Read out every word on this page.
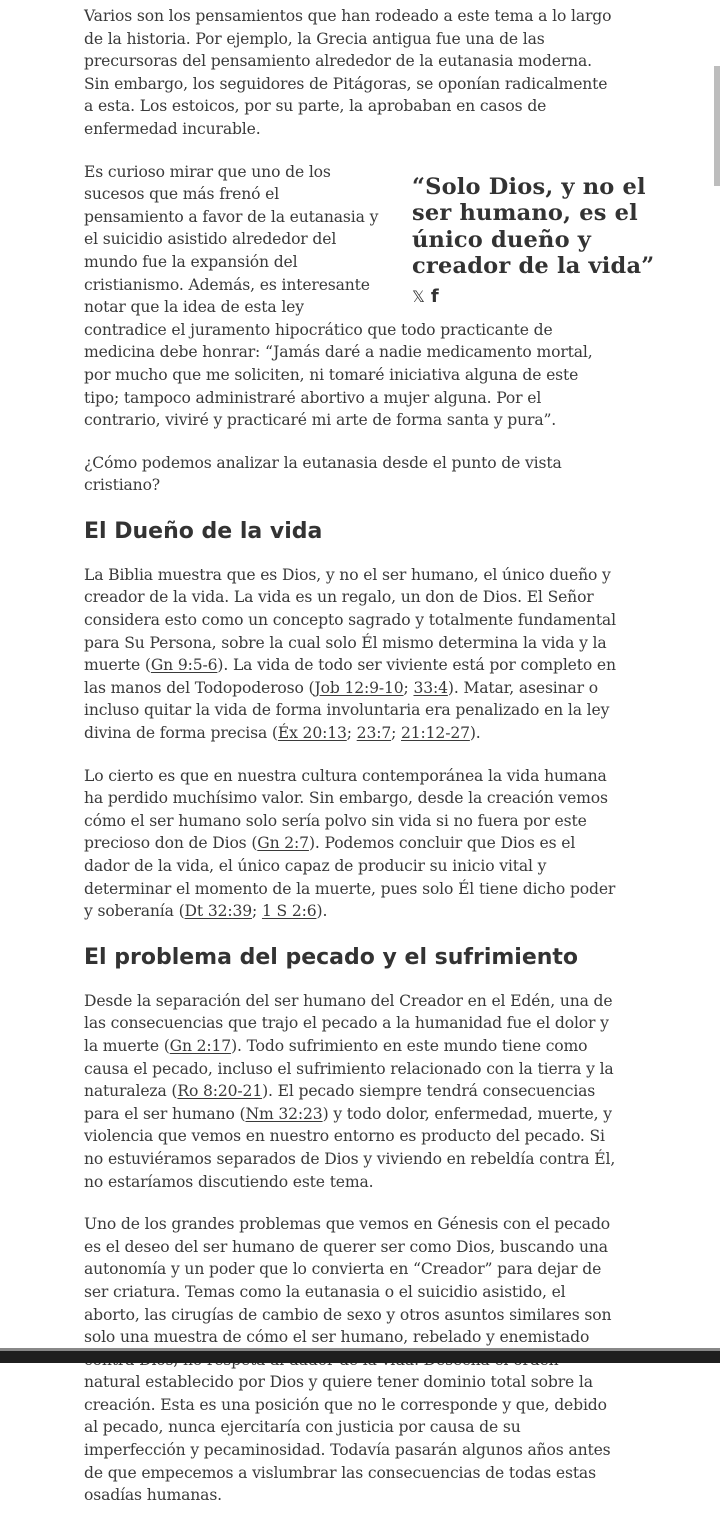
Varios son los pensamientos que han rodeado a este tema a lo largo de la historia. Por ejemplo, la Grecia antigua fue una de las precursoras del pensamiento alrededor de la eutanasia moderna. Sin embargo, los seguidores de Pitágoras, se oponían radicalmente a esta. Los estoicos, por su parte, la aprobaban en casos de enfermedad incurable.

“Solo Dios, y no el ser humano, es el único dueño y creador de la vida”
𝕏 f

Es curioso mirar que uno de los sucesos que más frenó el pensamiento a favor de la eutanasia y el suicidio asistido alrededor del mundo fue la expansión del cristianismo. Además, es interesante notar que la idea de esta ley contradice el juramento hipocrático que todo practicante de medicina debe honrar: “Jamás daré a nadie medicamento mortal, por mucho que me soliciten, ni tomaré iniciativa alguna de este tipo; tampoco administraré abortivo a mujer alguna. Por el contrario, viviré y practicaré mi arte de forma santa y pura”.

¿Cómo podemos analizar la eutanasia desde el punto de vista cristiano?

El Dueño de la vida

La Biblia muestra que es Dios, y no el ser humano, el único dueño y creador de la vida. La vida es un regalo, un don de Dios. El Señor considera esto como un concepto sagrado y totalmente fundamental para Su Persona, sobre la cual solo Él mismo determina la vida y la muerte (Gn 9:5-6). La vida de todo ser viviente está por completo en las manos del Todopoderoso (Job 12:9-10; 33:4). Matar, asesinar o incluso quitar la vida de forma involuntaria era penalizado en la ley divina de forma precisa (Éx 20:13; 23:7; 21:12-27).

Lo cierto es que en nuestra cultura contemporánea la vida humana ha perdido muchísimo valor. Sin embargo, desde la creación vemos cómo el ser humano solo sería polvo sin vida si no fuera por este precioso don de Dios (Gn 2:7). Podemos concluir que Dios es el dador de la vida, el único capaz de producir su inicio vital y determinar el momento de la muerte, pues solo Él tiene dicho poder y soberanía (Dt 32:39; 1 S 2:6).

El problema del pecado y el sufrimiento

Desde la separación del ser humano del Creador en el Edén, una de las consecuencias que trajo el pecado a la humanidad fue el dolor y la muerte (Gn 2:17). Todo sufrimiento en este mundo tiene como causa el pecado, incluso el sufrimiento relacionado con la tierra y la naturaleza (Ro 8:20-21). El pecado siempre tendrá consecuencias para el ser humano (Nm 32:23) y todo dolor, enfermedad, muerte, y violencia que vemos en nuestro entorno es producto del pecado. Si no estuviéramos separados de Dios y viviendo en rebeldía contra Él, no estaríamos discutiendo este tema.

Uno de los grandes problemas que vemos en Génesis con el pecado es el deseo del ser humano de querer ser como Dios, buscando una autonomía y un poder que lo convierta en “Creador” para dejar de ser criatura. Temas como la eutanasia o el suicidio asistido, el aborto, las cirugías de cambio de sexo y otros asuntos similares son solo una muestra de cómo el ser humano, rebelado y enemistado natural establecido por Dios y quiere tener dominio total sobre la creación. Esta es una posición que no le corresponde y que, debido al pecado, nunca ejercitaría con justicia por causa de su imperfección y pecaminosidad. Todavía pasarán algunos años antes de que empecemos a vislumbrar las consecuencias de todas estas osadías humanas.
